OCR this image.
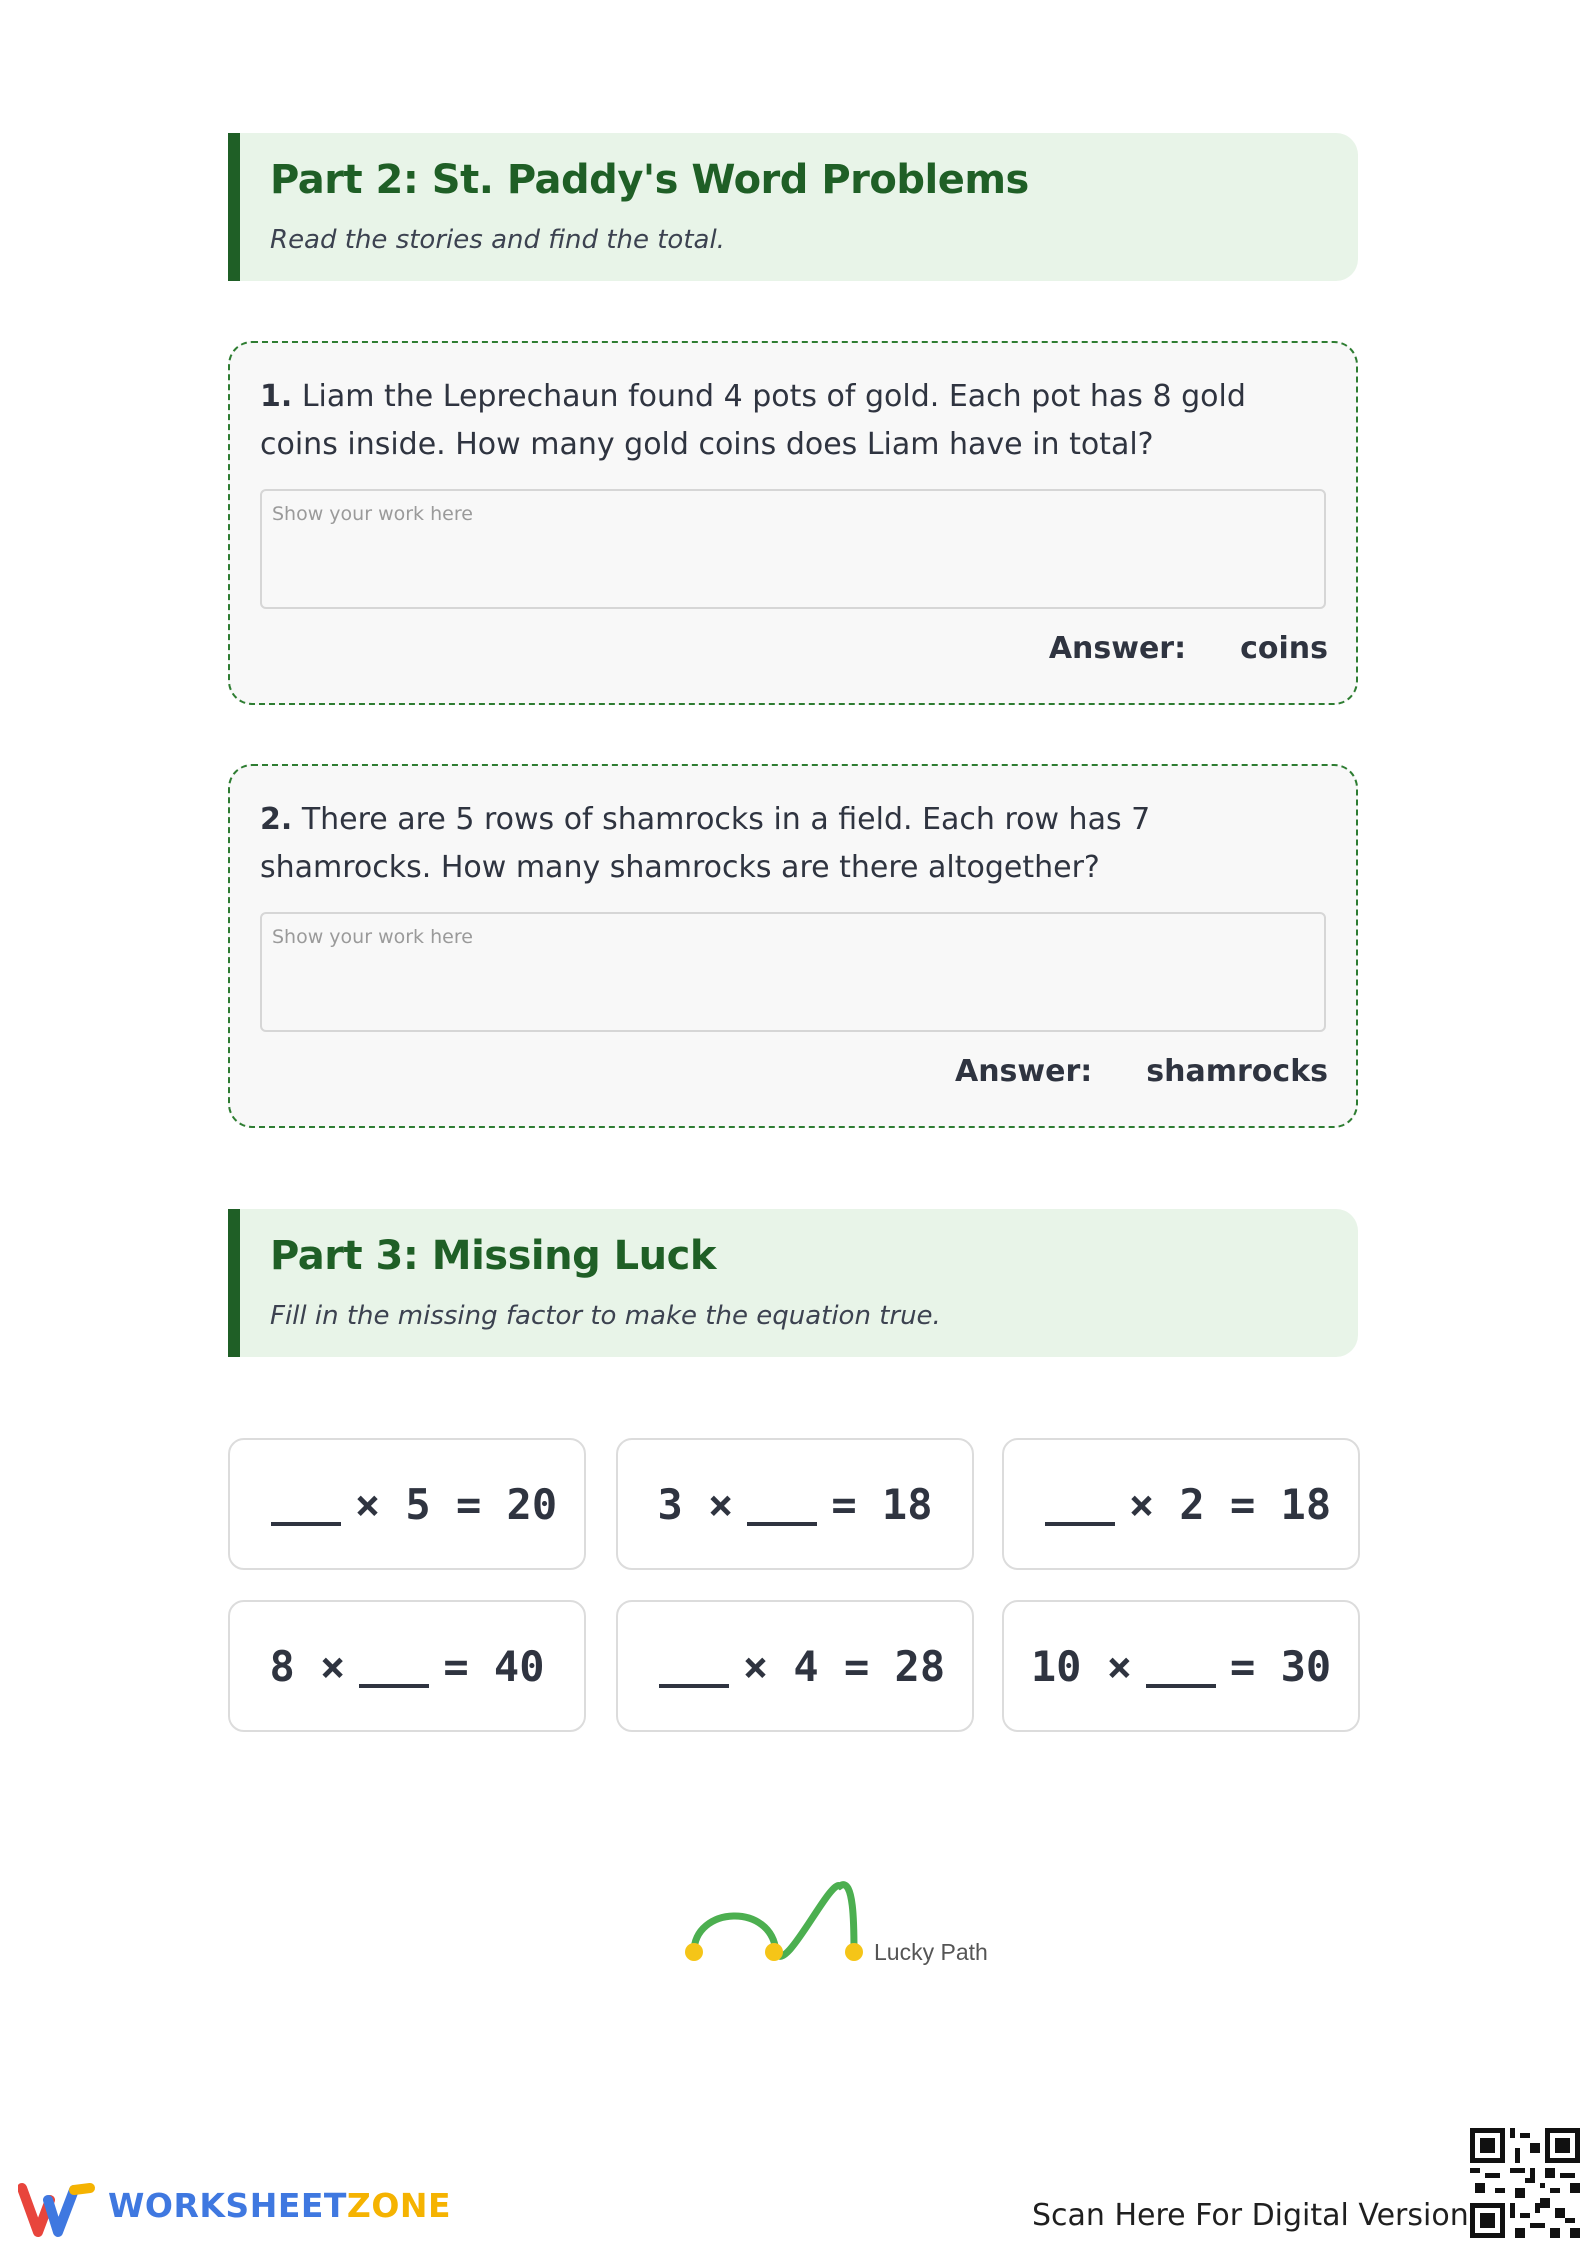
Part 2: St. Paddy's Word Problems

Read the stories and find the total.

1. Liam the Leprechaun found 4 pots of gold. Each pot has 8 gold coins inside. How many gold coins does Liam have in total?

Show your work here
Answer: coins

2. There are 5 rows of shamrocks in a field. Each row has 7 shamrocks. How many shamrocks are there altogether?

Show your work here
Answer: shamrocks
Part 3: Missing Luck

Fill in the missing factor to make the equation true.

× 5 = 20 3 × = 18	× 2 = 18
8 × = 40	× 4 = 28 10 × = 30
Lucky Path
WORKSHEETZONE	Scan Here For Digital Version
